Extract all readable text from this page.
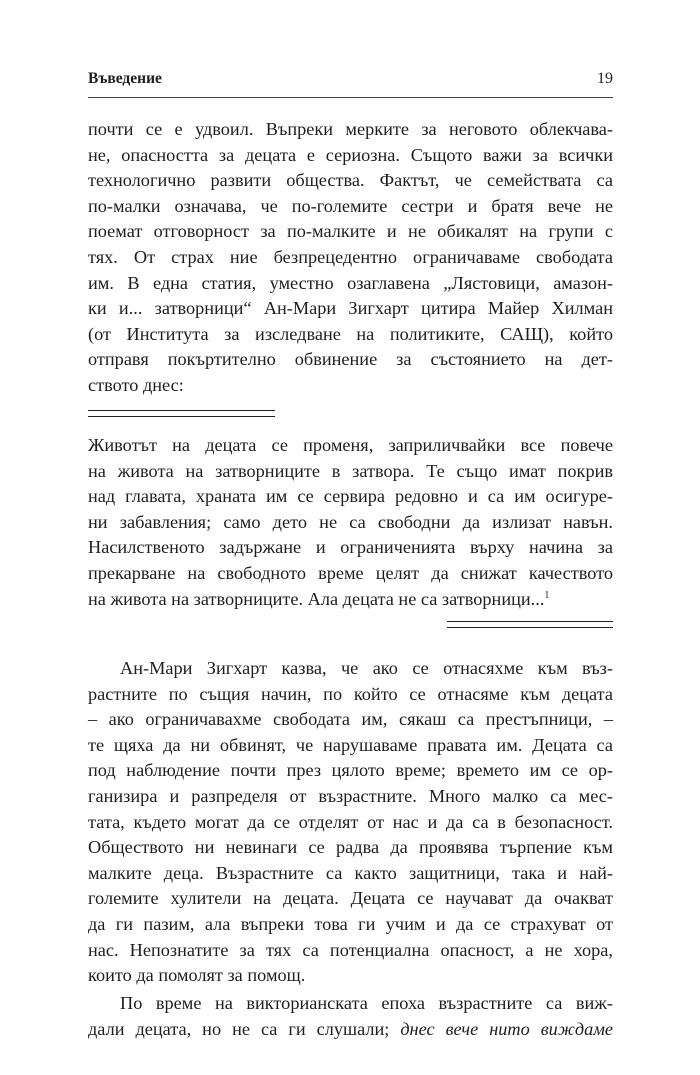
Въведение	19
почти се е удвоил. Въпреки мерките за неговото облекчава-
не, опасността за децата е сериозна. Същото важи за всички
технологично развити общества. Фактът, че семействата са
по-малки означава, че по-големите сестри и братя вече не
поемат отговорност за по-малките и не обикалят на групи с
тях. От страх ние безпрецедентно ограничаваме свободата
им. В една статия, уместно озаглавена „Лястовици, амазон-
ки и... затворници“ Ан-Мари Зигхарт цитира Майер Хилман
(от Института за изследване на политиките, САЩ), който
отправя покъртително обвинение за състоянието на дет-
ството днес:
Животът на децата се променя, заприличвайки все повече
на живота на затворниците в затвора. Те също имат покрив
над главата, храната им се сервира редовно и са им осигуре-
ни забавления; само дето не са свободни да излизат навън.
Насилственото задържане и ограниченията върху начина за
прекарване на свободното време целят да снижат качеството
на живота на затворниците. Ала децата не са затворници...$^1$
Ан-Мари Зигхарт казва, че ако се отнасяхме към въз-
растните по същия начин, по който се отнасяме към децата
– ако ограничавахме свободата им, сякаш са престъпници, –
те щяха да ни обвинят, че нарушаваме правата им. Децата са
под наблюдение почти през цялото време; времето им се ор-
ганизира и разпределя от възрастните. Много малко са мес-
тата, където могат да се отделят от нас и да са в безопасност.
Обществото ни невинаги се радва да проявява търпение към
малките деца. Възрастните са както защитници, така и най-
големите хулители на децата. Децата се научават да очакват
да ги пазим, ала въпреки това ги учим и да се страхуват от
нас. Непознатите за тях са потенциална опасност, а не хора,
които да помолят за помощ.
По време на викторианската епоха възрастните са виж-
дали децата, но не са ги слушали; днес вече нито виждаме
